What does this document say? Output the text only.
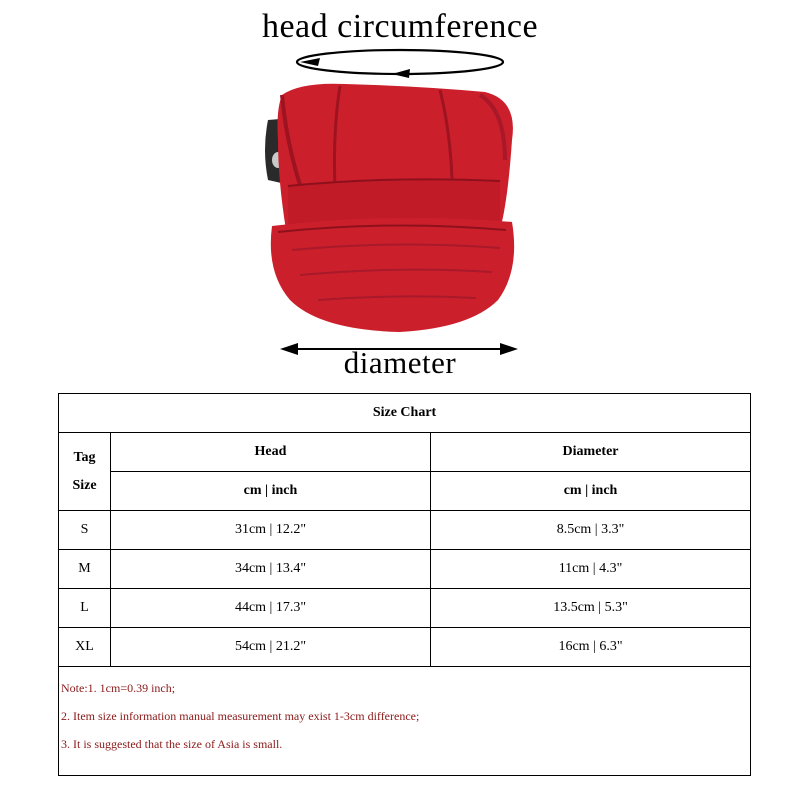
head circumference
diameter
Size Chart		

Tag
Size	Head	Diameter
	cm | inch	cm | inch
S	31cm | 12.2"	8.5cm | 3.3"
M	34cm | 13.4"	11cm | 4.3"
L	44cm | 17.3"	13.5cm | 5.3"
XL	54cm | 21.2"	16cm | 6.3"

Note:1. 1cm=0.39 inch;
2. Item size information manual measurement may exist 1-3cm difference;
3. It is suggested that the size of Asia is small.		
